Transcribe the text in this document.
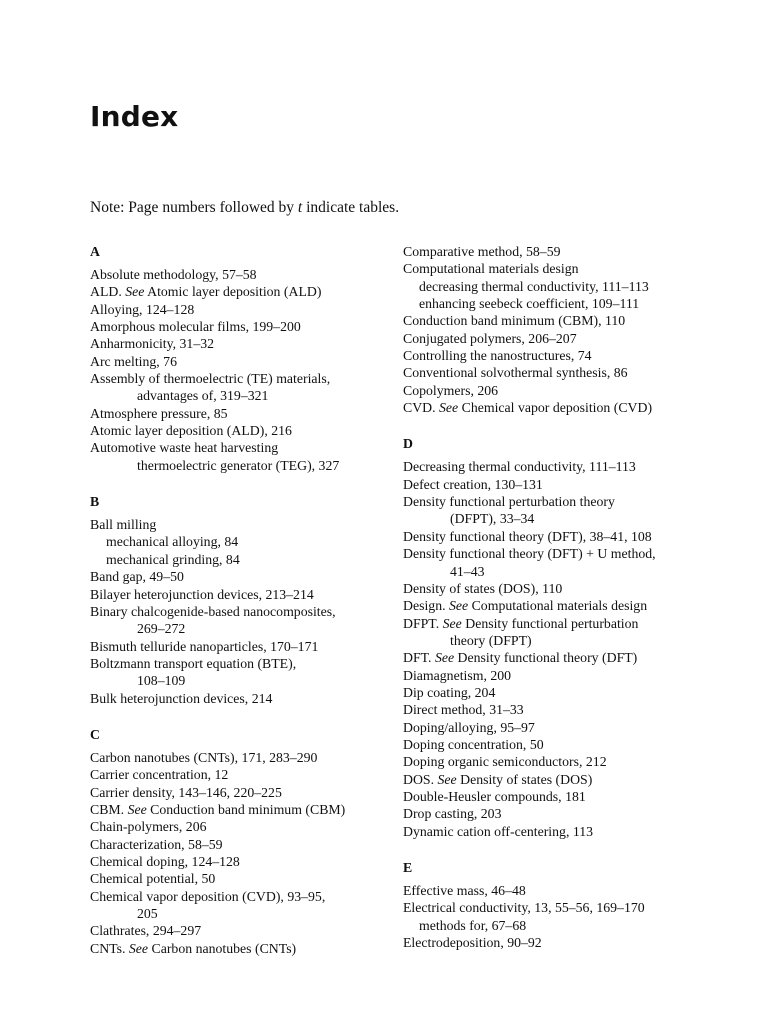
Index
Note: Page numbers followed by t indicate tables.
A
Absolute methodology, 57–58
ALD. See Atomic layer deposition (ALD)
Alloying, 124–128
Amorphous molecular films, 199–200
Anharmonicity, 31–32
Arc melting, 76
Assembly of thermoelectric (TE) materials,
advantages of, 319–321
Atmosphere pressure, 85
Atomic layer deposition (ALD), 216
Automotive waste heat harvesting
thermoelectric generator (TEG), 327
B
Ball milling
mechanical alloying, 84
mechanical grinding, 84
Band gap, 49–50
Bilayer heterojunction devices, 213–214
Binary chalcogenide-based nanocomposites,
269–272
Bismuth telluride nanoparticles, 170–171
Boltzmann transport equation (BTE),
108–109
Bulk heterojunction devices, 214
C
Carbon nanotubes (CNTs), 171, 283–290
Carrier concentration, 12
Carrier density, 143–146, 220–225
CBM. See Conduction band minimum (CBM)
Chain-polymers, 206
Characterization, 58–59
Chemical doping, 124–128
Chemical potential, 50
Chemical vapor deposition (CVD), 93–95,
205
Clathrates, 294–297
CNTs. See Carbon nanotubes (CNTs)
Comparative method, 58–59
Computational materials design
decreasing thermal conductivity, 111–113
enhancing seebeck coefficient, 109–111
Conduction band minimum (CBM), 110
Conjugated polymers, 206–207
Controlling the nanostructures, 74
Conventional solvothermal synthesis, 86
Copolymers, 206
CVD. See Chemical vapor deposition (CVD)
D
Decreasing thermal conductivity, 111–113
Defect creation, 130–131
Density functional perturbation theory
(DFPT), 33–34
Density functional theory (DFT), 38–41, 108
Density functional theory (DFT) + U method,
41–43
Density of states (DOS), 110
Design. See Computational materials design
DFPT. See Density functional perturbation
theory (DFPT)
DFT. See Density functional theory (DFT)
Diamagnetism, 200
Dip coating, 204
Direct method, 31–33
Doping/alloying, 95–97
Doping concentration, 50
Doping organic semiconductors, 212
DOS. See Density of states (DOS)
Double-Heusler compounds, 181
Drop casting, 203
Dynamic cation off-centering, 113
E
Effective mass, 46–48
Electrical conductivity, 13, 55–56, 169–170
methods for, 67–68
Electrodeposition, 90–92
